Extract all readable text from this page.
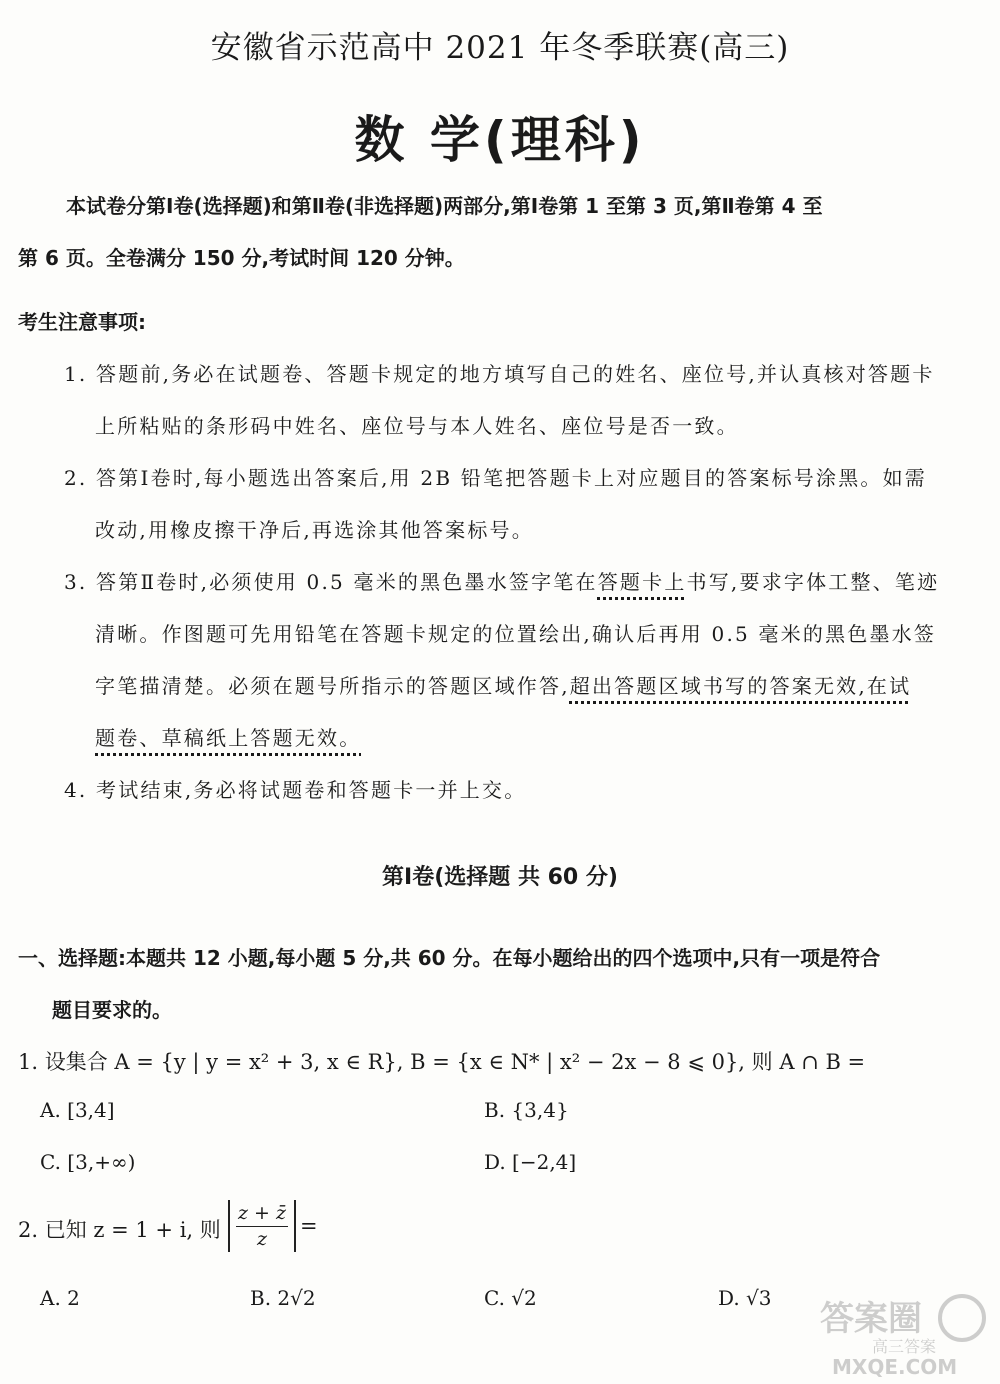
安徽省示范高中 2021 年冬季联赛(高三)
数 学(理科)
本试卷分第Ⅰ卷(选择题)和第Ⅱ卷(非选择题)两部分,第Ⅰ卷第 1 至第 3 页,第Ⅱ卷第 4 至
第 6 页。全卷满分 150 分,考试时间 120 分钟。
考生注意事项:
1. 答题前,务必在试题卷、答题卡规定的地方填写自己的姓名、座位号,并认真核对答题卡
上所粘贴的条形码中姓名、座位号与本人姓名、座位号是否一致。
2. 答第Ⅰ卷时,每小题选出答案后,用 2B 铅笔把答题卡上对应题目的答案标号涂黑。如需
改动,用橡皮擦干净后,再选涂其他答案标号。
3. 答第Ⅱ卷时,必须使用 0.5 毫米的黑色墨水签字笔在答题卡上书写,要求字体工整、笔迹
清晰。作图题可先用铅笔在答题卡规定的位置绘出,确认后再用 0.5 毫米的黑色墨水签
字笔描清楚。必须在题号所指示的答题区域作答,超出答题区域书写的答案无效,在试
题卷、草稿纸上答题无效。
4. 考试结束,务必将试题卷和答题卡一并上交。
第Ⅰ卷(选择题 共 60 分)
一、选择题:本题共 12 小题,每小题 5 分,共 60 分。在每小题给出的四个选项中,只有一项是符合
题目要求的。
1. 设集合 A = {y | y = x² + 3, x ∈ R}, B = {x ∈ N* | x² − 2x − 8 ⩽ 0}, 则 A ∩ B =
A. [3,4]	B. {3,4}
C. [3,+∞)	D. [−2,4]
2. 已知 z = 1 + i, 则
z + z̄
z
=
A. 2	B. 2√2	C. √2	D. √3
答案圈
高三答案
MXQE.COM
